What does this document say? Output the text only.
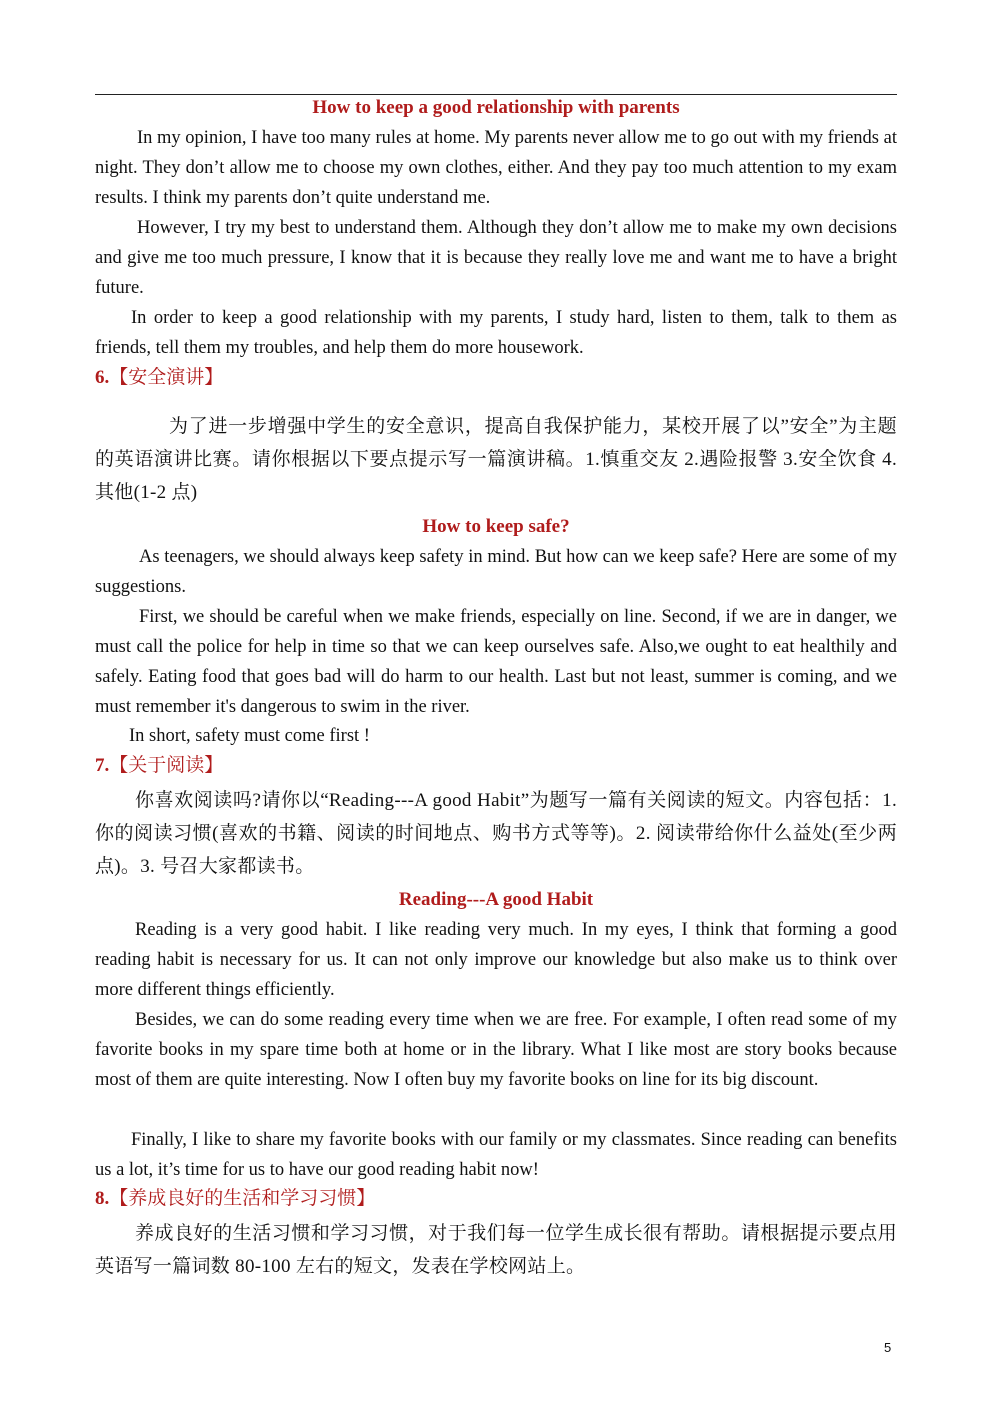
How to keep a good relationship with parents
In my opinion, I have too many rules at home. My parents never allow me to go out with my friends at night. They don’t allow me to choose my own clothes, either. And they pay too much attention to my exam results. I think my parents don’t quite understand me.
However, I try my best to understand them. Although they don’t allow me to make my own decisions and give me too much pressure, I know that it is because they really love me and want me to have a bright future.
In order to keep a good relationship with my parents, I study hard, listen to them, talk to them as friends, tell them my troubles, and help them do more housework.
6.【安全演讲】
为了进一步增强中学生的安全意识，提高自我保护能力，某校开展了以”安全”为主题的英语演讲比赛。请你根据以下要点提示写一篇演讲稿。1.慎重交友 2.遇险报警 3.安全饮食 4. 其他(1-2 点)
How to keep safe?
As teenagers, we should always keep safety in mind. But how can we keep safe? Here are some of my suggestions.
First, we should be careful when we make friends, especially on line. Second, if we are in danger, we must call the police for help in time so that we can keep ourselves safe. Also,we ought to eat healthily and safely. Eating food that goes bad will do harm to our health. Last but not least, summer is coming, and we must remember it's dangerous to swim in the river.
In short, safety must come first !
7.【关于阅读】
你喜欢阅读吗?请你以“Reading---A good Habit”为题写一篇有关阅读的短文。内容包括：1. 你的阅读习惯(喜欢的书籍、阅读的时间地点、购书方式等等)。2. 阅读带给你什么益处(至少两点)。3. 号召大家都读书。
Reading---A good Habit
Reading is a very good habit. I like reading very much. In my eyes, I think that forming a good reading habit is necessary for us. It can not only improve our knowledge but also make us to think over more different things efficiently.
Besides, we can do some reading every time when we are free. For example, I often read some of my favorite books in my spare time both at home or in the library. What I like most are story books because most of them are quite interesting. Now I often buy my favorite books on line for its big discount.
Finally, I like to share my favorite books with our family or my classmates. Since reading can benefits us a lot, it’s time for us to have our good reading habit now!
8.【养成良好的生活和学习习惯】
养成良好的生活习惯和学习习惯，对于我们每一位学生成长很有帮助。请根据提示要点用英语写一篇词数 80-100 左右的短文，发表在学校网站上。
5
